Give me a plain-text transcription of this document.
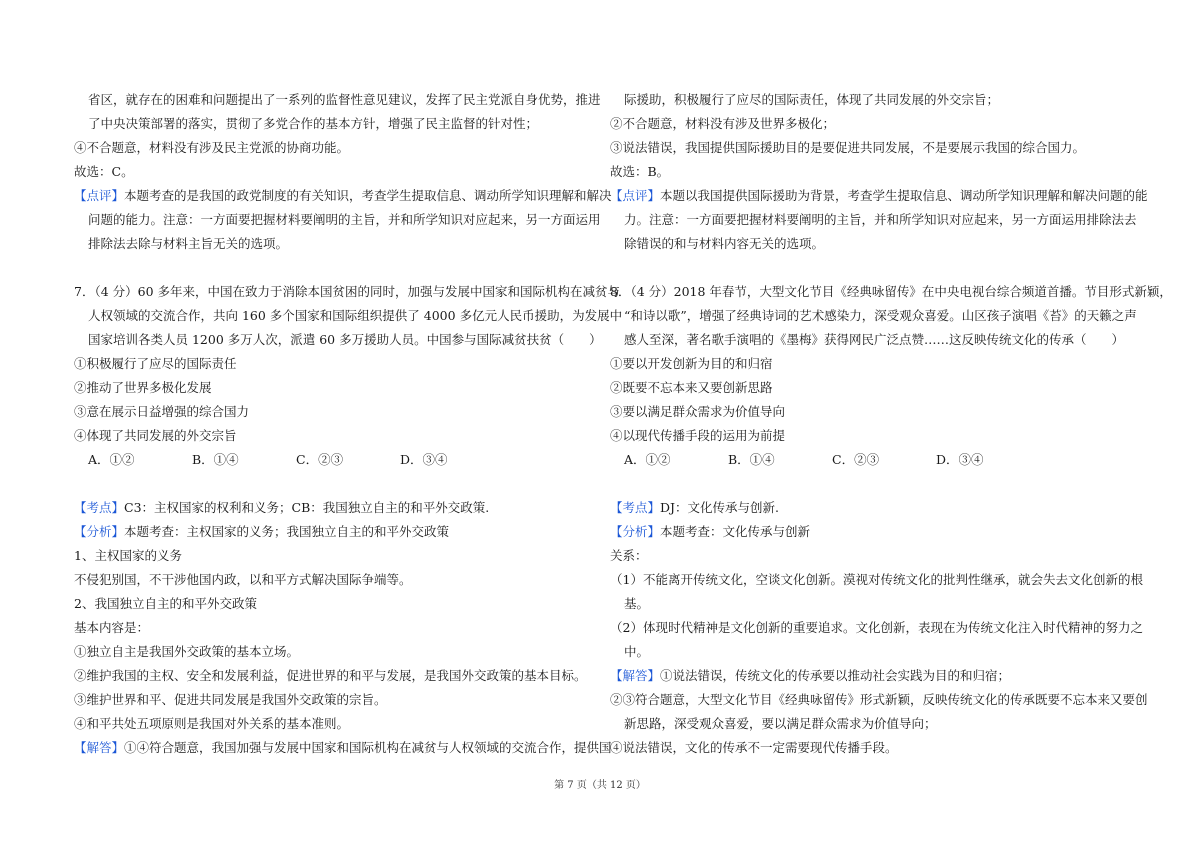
省区，就存在的困难和问题提出了一系列的监督性意见建议，发挥了民主党派自身优势，推进
了中央决策部署的落实，贯彻了多党合作的基本方针，增强了民主监督的针对性；
④不合题意，材料没有涉及民主党派的协商功能。
故选：C。
【点评】本题考查的是我国的政党制度的有关知识，考查学生提取信息、调动所学知识理解和解决
问题的能力。注意：一方面要把握材料要阐明的主旨，并和所学知识对应起来，另一方面运用
排除法去除与材料主旨无关的选项。
7．（4 分）60 多年来，中国在致力于消除本国贫困的同时，加强与发展中国家和国际机构在减贫与
人权领域的交流合作，共向 160 多个国家和国际组织提供了 4000 多亿元人民币援助，为发展中
国家培训各类人员 1200 多万人次，派遣 60 多万援助人员。中国参与国际减贫扶贫（　　）
①积极履行了应尽的国际责任
②推动了世界多极化发展
③意在展示日益增强的综合国力
④体现了共同发展的外交宗旨
A．①②	B．①④	C．②③	D．③④
【考点】C3：主权国家的权利和义务；CB：我国独立自主的和平外交政策.
【分析】本题考查：主权国家的义务；我国独立自主的和平外交政策
1、主权国家的义务
不侵犯别国，不干涉他国内政，以和平方式解决国际争端等。
2、我国独立自主的和平外交政策
基本内容是：
①独立自主是我国外交政策的基本立场。
②维护我国的主权、安全和发展利益，促进世界的和平与发展，是我国外交政策的基本目标。
③维护世界和平、促进共同发展是我国外交政策的宗旨。
④和平共处五项原则是我国对外关系的基本准则。
【解答】①④符合题意，我国加强与发展中国家和国际机构在减贫与人权领域的交流合作，提供国
际援助，积极履行了应尽的国际责任，体现了共同发展的外交宗旨；
②不合题意，材料没有涉及世界多极化；
③说法错误，我国提供国际援助目的是要促进共同发展，不是要展示我国的综合国力。
故选：B。
【点评】本题以我国提供国际援助为背景，考查学生提取信息、调动所学知识理解和解决问题的能
力。注意：一方面要把握材料要阐明的主旨，并和所学知识对应起来，另一方面运用排除法去
除错误的和与材料内容无关的选项。
8．（4 分）2018 年春节，大型文化节目《经典咏留传》在中央电视台综合频道首播。节目形式新颖，
“和诗以歌”，增强了经典诗词的艺术感染力，深受观众喜爱。山区孩子演唱《苔》的天籁之声
感人至深，著名歌手演唱的《墨梅》获得网民广泛点赞……这反映传统文化的传承（　　）
①要以开发创新为目的和归宿
②既要不忘本来又要创新思路
③要以满足群众需求为价值导向
④以现代传播手段的运用为前提
A．①②	B．①④	C．②③	D．③④
【考点】DJ：文化传承与创新.
【分析】本题考查：文化传承与创新
关系：
（1）不能离开传统文化，空谈文化创新。漠视对传统文化的批判性继承，就会失去文化创新的根
基。
（2）体现时代精神是文化创新的重要追求。文化创新，表现在为传统文化注入时代精神的努力之
中。
【解答】①说法错误，传统文化的传承要以推动社会实践为目的和归宿；
②③符合题意，大型文化节目《经典咏留传》形式新颖，反映传统文化的传承既要不忘本来又要创
新思路，深受观众喜爱，要以满足群众需求为价值导向；
④说法错误，文化的传承不一定需要现代传播手段。
第 7 页（共 12 页）
